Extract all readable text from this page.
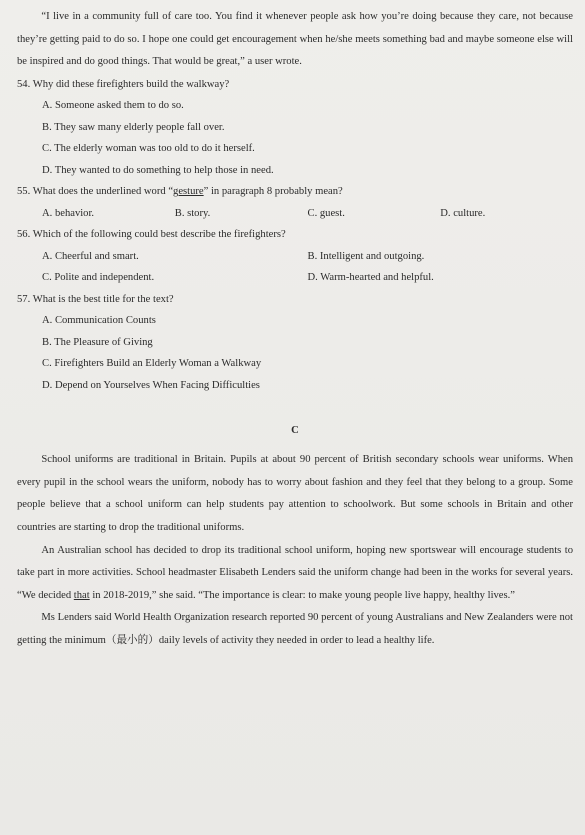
“I live in a community full of care too. You find it whenever people ask how you’re doing because they care, not because they’re getting paid to do so. I hope one could get encouragement when he/she meets something bad and maybe someone else will be inspired and do good things. That would be great,” a user wrote.

54. Why did these firefighters build the walkway?

A. Someone asked them to do so.

B. They saw many elderly people fall over.

C. The elderly woman was too old to do it herself.

D. They wanted to do something to help those in need.

55. What does the underlined word “gesture” in paragraph 8 probably mean?

A. behavior.	B. story.	C. guest.	D. culture.

56. Which of the following could best describe the firefighters?

A. Cheerful and smart.	B. Intelligent and outgoing.
C. Polite and independent.	D. Warm-hearted and helpful.

57. What is the best title for the text?

A. Communication Counts

B. The Pleasure of Giving

C. Firefighters Build an Elderly Woman a Walkway

D. Depend on Yourselves When Facing Difficulties

C

School uniforms are traditional in Britain. Pupils at about 90 percent of British secondary schools wear uniforms. When every pupil in the school wears the uniform, nobody has to worry about fashion and they feel that they belong to a group. Some people believe that a school uniform can help students pay attention to schoolwork. But some schools in Britain and other countries are starting to drop the traditional uniforms.

An Australian school has decided to drop its traditional school uniform, hoping new sportswear will encourage students to take part in more activities. School headmaster Elisabeth Lenders said the uniform change had been in the works for several years. “We decided that in 2018-2019,” she said. “The importance is clear: to make young people live happy, healthy lives.”

Ms Lenders said World Health Organization research reported 90 percent of young Australians and New Zealanders were not getting the minimum（最小的）daily levels of activity they needed in order to lead a healthy life.
